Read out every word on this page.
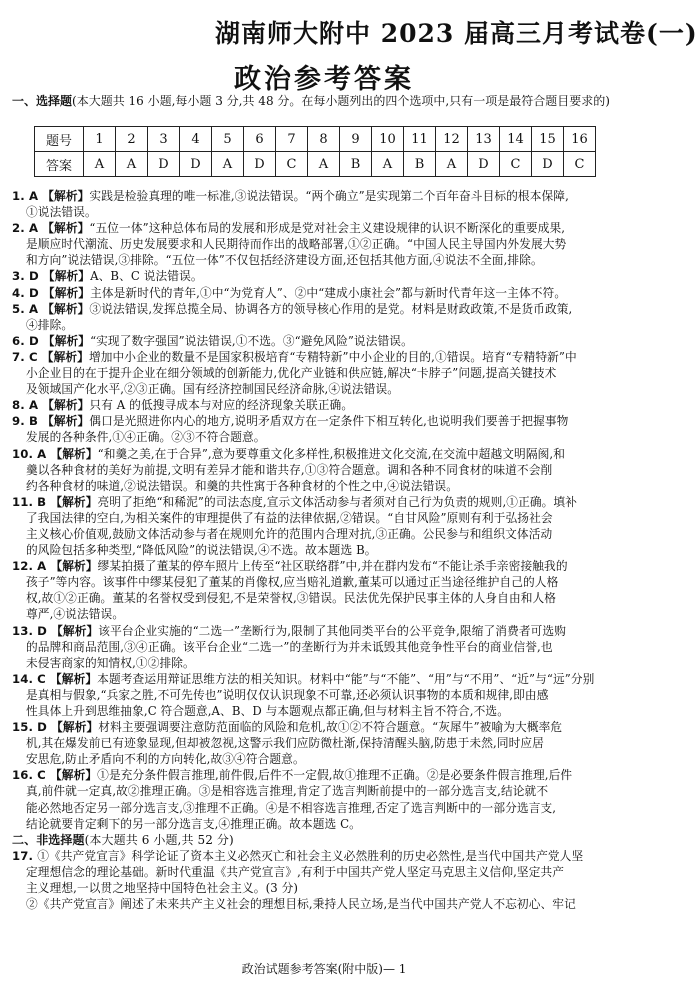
湖南师大附中 2023 届高三月考试卷(一)
政治参考答案
一、选择题(本大题共 16 小题,每小题 3 分,共 48 分。在每小题列出的四个选项中,只有一项是最符合题目要求的)
题号	1	2	3	4	5	6	7	8	9	10	11	12	13	14	15	16
答案	A	A	D	D	A	D	C	A	B	A	B	A	D	C	D	C
1. A 【解析】实践是检验真理的唯一标准,③说法错误。“两个确立”是实现第二个百年奋斗目标的根本保障,
①说法错误。
2. A 【解析】“五位一体”这种总体布局的发展和形成是党对社会主义建设规律的认识不断深化的重要成果,
是顺应时代潮流、历史发展要求和人民期待而作出的战略部署,①②正确。“中国人民主导国内外发展大势
和方向”说法错误,③排除。“五位一体”不仅包括经济建设方面,还包括其他方面,④说法不全面,排除。
3. D 【解析】A、B、C 说法错误。
4. D 【解析】主体是新时代的青年,①中“为党育人”、②中“建成小康社会”都与新时代青年这一主体不符。
5. A 【解析】③说法错误,发挥总揽全局、协调各方的领导核心作用的是党。材料是财政政策,不是货币政策,
④排除。
6. D 【解析】“实现了数字强国”说法错误,①不选。③“避免风险”说法错误。
7. C 【解析】增加中小企业的数量不是国家积极培育“专精特新”中小企业的目的,①错误。培育“专精特新”中
小企业目的在于提升企业在细分领域的创新能力,优化产业链和供应链,解决“卡脖子”问题,提高关键技术
及领域国产化水平,②③正确。国有经济控制国民经济命脉,④说法错误。
8. A 【解析】只有 A 的低搜寻成本与对应的经济现象关联正确。
9. B 【解析】偶口是光照进你内心的地方,说明矛盾双方在一定条件下相互转化,也说明我们要善于把握事物
发展的各种条件,①④正确。②③不符合题意。
10. A 【解析】“和羹之美,在于合异”,意为要尊重文化多样性,积极推进文化交流,在交流中超越文明隔阂,和
羹以各种食材的美好为前提,文明有差异才能和谐共存,①③符合题意。调和各种不同食材的味道不会削
约各种食材的味道,②说法错误。和羹的共性寓于各种食材的个性之中,④说法错误。
11. B 【解析】亮明了拒绝“和稀泥”的司法态度,宣示文体活动参与者须对自己行为负责的规则,①正确。填补
了我国法律的空白,为相关案件的审理提供了有益的法律依据,②错误。“自甘风险”原则有利于弘扬社会
主义核心价值观,鼓励文体活动参与者在规则允许的范围内合理对抗,③正确。公民参与和组织文体活动
的风险包括多种类型,“降低风险”的说法错误,④不选。故本题选 B。
12. A 【解析】缪某拍摄了董某的停车照片上传至“社区联络群”中,并在群内发布“不能让杀手亲密接触我的
孩子”等内容。该事件中缪某侵犯了董某的肖像权,应当赔礼道歉,董某可以通过正当途径维护自己的人格
权,故①②正确。董某的名誉权受到侵犯,不是荣誉权,③错误。民法优先保护民事主体的人身自由和人格
尊严,④说法错误。
13. D 【解析】该平台企业实施的“二选一”垄断行为,限制了其他同类平台的公平竞争,限缩了消费者可选购
的品牌和商品范围,③④正确。该平台企业“二选一”的垄断行为并未诋毁其他竞争性平台的商业信誉,也
未侵害商家的知情权,①②排除。
14. C 【解析】本题考查运用辩证思维方法的相关知识。材料中“能”与“不能”、“用”与“不用”、“近”与“远”分别
是真相与假象,“兵家之胜,不可先传也”说明仅仅认识现象不可靠,还必须认识事物的本质和规律,即由感
性具体上升到思维抽象,C 符合题意,A、B、D 与本题观点都正确,但与材料主旨不符合,不选。
15. D 【解析】材料主要强调要注意防范面临的风险和危机,故①②不符合题意。“灰犀牛”被喻为大概率危
机,其在爆发前已有迹象显现,但却被忽视,这警示我们应防微杜渐,保持清醒头脑,防患于未然,同时应居
安思危,防止矛盾向不利的方向转化,故③④符合题意。
16. C 【解析】①是充分条件假言推理,前件假,后件不一定假,故①推理不正确。②是必要条件假言推理,后件
真,前件就一定真,故②推理正确。③是相容选言推理,肯定了选言判断前提中的一部分选言支,结论就不
能必然地否定另一部分选言支,③推理不正确。④是不相容选言推理,否定了选言判断中的一部分选言支,
结论就要肯定剩下的另一部分选言支,④推理正确。故本题选 C。
二、非选择题(本大题共 6 小题,共 52 分)
17. ①《共产党宣言》科学论证了资本主义必然灭亡和社会主义必然胜利的历史必然性,是当代中国共产党人坚
定理想信念的理论基础。新时代重温《共产党宣言》,有利于中国共产党人坚定马克思主义信仰,坚定共产
主义理想,一以贯之地坚持中国特色社会主义。(3 分)
②《共产党宣言》阐述了未来共产主义社会的理想目标,秉持人民立场,是当代中国共产党人不忘初心、牢记
政治试题参考答案(附中版)— 1
